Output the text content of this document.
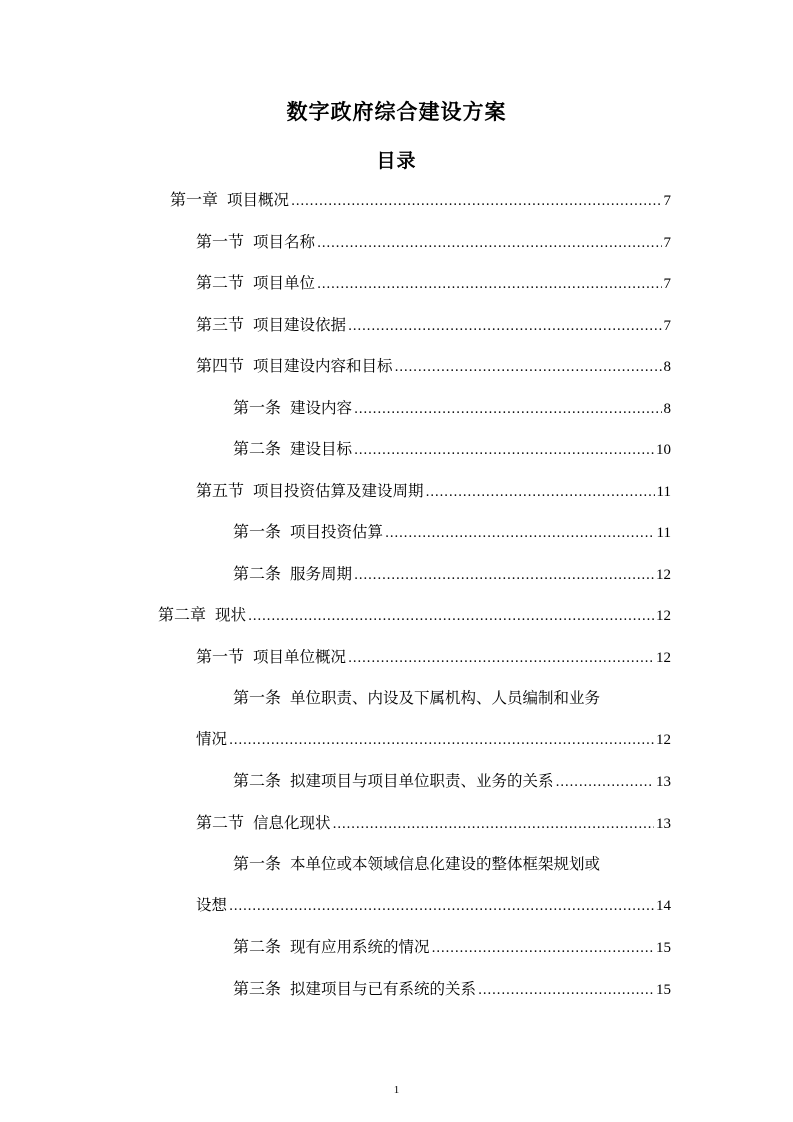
数字政府综合建设方案
目录
第一章 项目概况 .....	7
第一节 项目名称 .....	7
第二节 项目单位 .....	7
第三节 项目建设依据 .....	7
第四节 项目建设内容和目标 .....	8
第一条 建设内容 .....	8
第二条 建设目标 .....	10
第五节 项目投资估算及建设周期 .....	11
第一条 项目投资估算 .....	11
第二条 服务周期 .....	12
第二章 现状 .....	12
第一节 项目单位概况 .....	12
第一条 单位职责、内设及下属机构、人员编制和业务
情况 .....	12
第二条 拟建项目与项目单位职责、业务的关系 .....	13
第二节 信息化现状 .....	13
第一条 本单位或本领域信息化建设的整体框架规划或
设想 .....	14
第二条 现有应用系统的情况 .....	15
第三条 拟建项目与已有系统的关系 .....	15
1
